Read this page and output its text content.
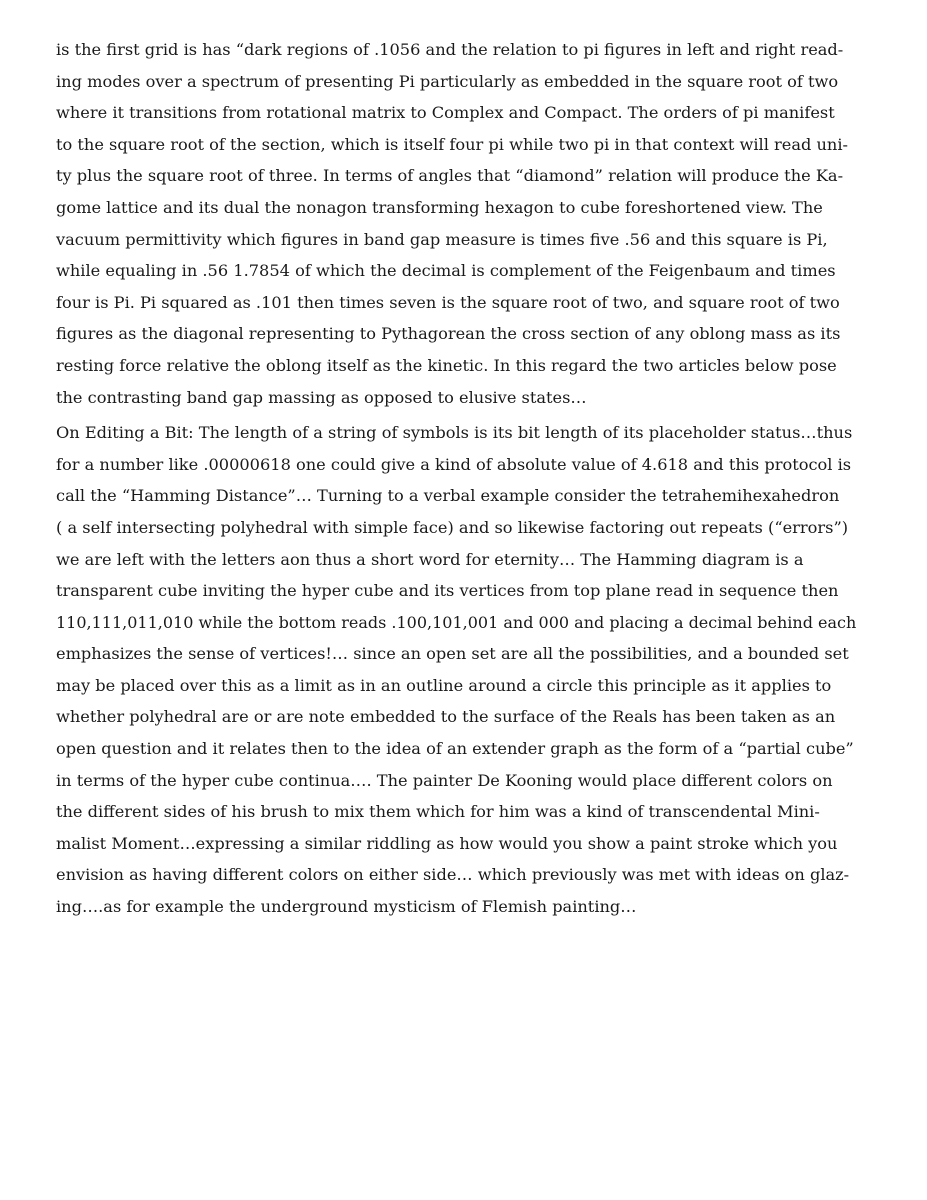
is the first grid is has “dark regions of .1056 and the relation to pi figures in left and right read-
ing modes over a spectrum of presenting Pi particularly as embedded in the square root of two
where it transitions from rotational matrix to Complex and Compact. The orders of pi manifest
to the square root of the section, which is itself four pi while two pi in that context will read uni-
ty plus the square root of three. In terms of angles that “diamond” relation will produce the Ka-
gome lattice and its dual the nonagon transforming hexagon to cube foreshortened view. The
vacuum permittivity which figures in band gap measure is times five .56 and this square is Pi,
while equaling in .56 1.7854 of which the decimal is complement of the Feigenbaum and times
four is Pi. Pi squared as .101 then times seven is the square root of two, and square root of two
figures as the diagonal representing to Pythagorean the cross section of any oblong mass as its
resting force relative the oblong itself as the kinetic. In this regard the two articles below pose
the contrasting band gap massing as opposed to elusive states…
On Editing a Bit: The length of a string of symbols is its bit length of its placeholder status…thus
for a number like .00000618 one could give a kind of absolute value of 4.618 and this protocol is
call the “Hamming Distance”… Turning to a verbal example consider the tetrahemihexahedron
( a self intersecting polyhedral with simple face) and so likewise factoring out repeats (“errors”)
we are left with the letters aon thus a short word for eternity… The Hamming diagram is a
transparent cube inviting the hyper cube and its vertices from top plane read in sequence then
110,111,011,010 while the bottom reads .100,101,001 and 000 and placing a decimal behind each
emphasizes the sense of vertices!… since an open set are all the possibilities, and a bounded set
may be placed over this as a limit as in an outline around a circle this principle as it applies to
whether polyhedral are or are note embedded to the surface of the Reals has been taken as an
open question and it relates then to the idea of an extender graph as the form of a “partial cube”
in terms of the hyper cube continua…. The painter De Kooning would place different colors on
the different sides of his brush to mix them which for him was a kind of transcendental Mini-
malist Moment…expressing a similar riddling as how would you show a paint stroke which you
envision as having different colors on either side… which previously was met with ideas on glaz-
ing….as for example the underground mysticism of Flemish painting…
